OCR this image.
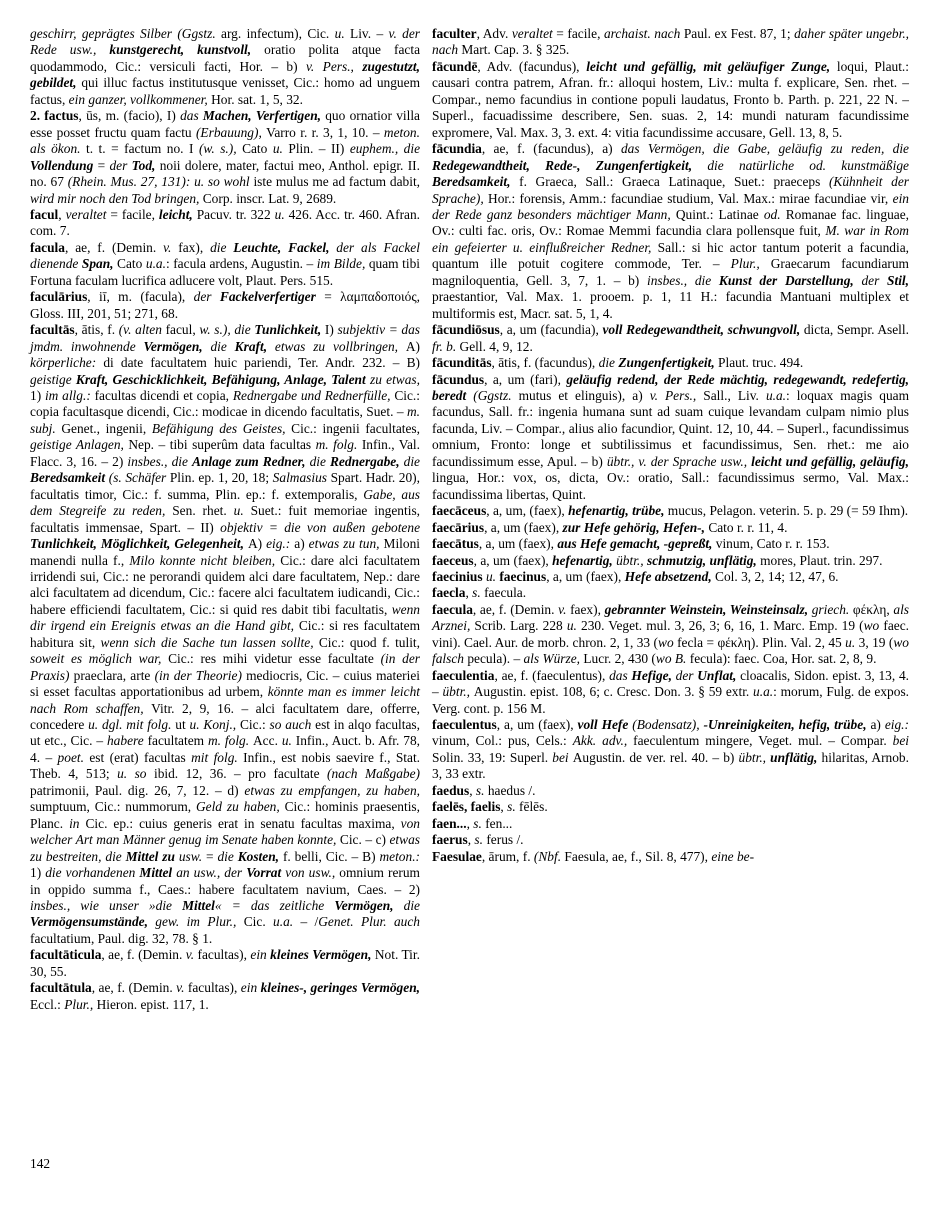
geschirr, geprägtes Silber (Ggstz. arg. infectum), Cic. u. Liv. – v. der Rede usw., kunstgerecht, kunstvoll, oratio polita atque facta quodammodo, Cic.: versiculi facti, Hor. – b) v. Pers., zugestutzt, gebildet, qui illuc factus institutusque venisset, Cic.: homo ad unguem factus, ein ganzer, vollkommener, Hor. sat. 1, 5, 32.

2. factus, ūs, m. (facio), I) das Machen, Verfertigen, quo ornatior villa esse posset fructu quam factu (Erbauung), Varro r. r. 3, 1, 10. – meton. als ökon. t. t. = factum no. I (w. s.), Cato u. Plin. – II) euphem., die Vollendung = der Tod, noii dolere, mater, factui meo, Anthol. epigr. II. no. 67 (Rhein. Mus. 27, 131): u. so wohl iste mulus me ad factum dabit, wird mir noch den Tod bringen, Corp. inscr. Lat. 9, 2689.

facul, veraltet = facile, leicht, Pacuv. tr. 322 u. 426. Acc. tr. 460. Afran. com. 7.

facula, ae, f. (Demin. v. fax), die Leuchte, Fackel, der als Fackel dienende Span, Cato u.a.: facula ardens, Augustin. – im Bilde, quam tibi Fortuna faculam lucrifica adlucere volt, Plaut. Pers. 515.

faculārius, iī, m. (facula), der Fackelverfertiger = λαμπαδοποιός, Gloss. III, 201, 51; 271, 68.

facultās, ātis, f. (v. alten facul, w. s.), die Tunlichkeit, I) subjektiv = das jmdm. inwohnende Vermögen, die Kraft, etwas zu vollbringen, A) körperliche: di date facultatem huic pariendi, Ter. Andr. 232. – B) geistige Kraft, Geschicklichkeit, Befähigung, Anlage, Talent zu etwas, 1) im allg.: facultas dicendi et copia, Rednergabe und Rednerfülle, Cic.: copia facultasque dicendi, Cic.: modicae in dicendo facultatis, Suet. – m. subj. Genet., ingenii, Befähigung des Geistes, Cic.: ingenii facultates, geistige Anlagen, Nep. – tibi superûm data facultas m. folg. Infin., Val. Flacc. 3, 16. – 2) insbes., die Anlage zum Redner, die Rednergabe, die Beredsamkeit (s. Schäfer Plin. ep. 1, 20, 18; Salmasius Spart. Hadr. 20), facultatis timor, Cic.: f. summa, Plin. ep.: f. extemporalis, Gabe, aus dem Stegreife zu reden, Sen. rhet. u. Suet.: fuit memoriae ingentis, facultatis immensae, Spart. – II) objektiv = die von außen gebotene Tunlichkeit, Möglichkeit, Gelegenheit, A) eig.: a) etwas zu tun, Miloni manendi nulla f., Milo konnte nicht bleiben, Cic.: dare alci facultatem irridendi sui, Cic.: ne perorandi quidem alci dare facultatem, Nep.: dare alci facultatem ad dicendum, Cic.: facere alci facultatem iudicandi, Cic.: habere efficiendi facultatem, Cic.: si quid res dabit tibi facultatis, wenn dir irgend ein Ereignis etwas an die Hand gibt, Cic.: si res facultatem habitura sit, wenn sich die Sache tun lassen sollte, Cic.: quod f. tulit, soweit es möglich war, Cic.: res mihi videtur esse facultate (in der Praxis) praeclara, arte (in der Theorie) mediocris, Cic. – cuius materiei si esset facultas apportationibus ad urbem, könnte man es immer leicht nach Rom schaffen, Vitr. 2, 9, 16. – alci facultatem dare, offerre, concedere u. dgl. mit folg. ut u. Konj., Cic.: so auch est in alqo facultas, ut etc., Cic. – habere facultatem m. folg. Acc. u. Infin., Auct. b. Afr. 78, 4. – poet. est (erat) facultas mit folg. Infin., est nobis saevire f., Stat. Theb. 4, 513; u. so ibid. 12, 36. – pro facultate (nach Maßgabe) patrimonii, Paul. dig. 26, 7, 12. – d) etwas zu empfangen, zu haben, sumptuum, Cic.: nummorum, Geld zu haben, Cic.: hominis praesentis, Planc. in Cic. ep.: cuius generis erat in senatu facultas maxima, von welcher Art man Männer genug im Senate haben konnte, Cic. – c) etwas zu bestreiten, die Mittel zu usw. = die Kosten, f. belli, Cic. – B) meton.: 1) die vorhandenen Mittel an usw., der Vorrat von usw., omnium rerum in oppido summa f., Caes.: habere facultatem navium, Caes. – 2) insbes., wie unser »die Mittel« = das zeitliche Vermögen, die Vermögensumstände, gew. im Plur., Cic. u.a. – /Genet. Plur. auch facultatium, Paul. dig. 32, 78. § 1.

facultāticula, ae, f. (Demin. v. facultas), ein kleines Vermögen, Not. Tir. 30, 55.

facultātula, ae, f. (Demin. v. facultas), ein kleines-, geringes Vermögen, Eccl.: Plur., Hieron. epist. 117, 1.

faculter, Adv. veraltet = facile, archaist. nach Paul. ex Fest. 87, 1; daher später ungebr., nach Mart. Cap. 3. § 325.

fācundē, Adv. (facundus), leicht und gefällig, mit geläufiger Zunge, loqui, Plaut.: causari contra patrem, Afran. fr.: alloqui hostem, Liv.: multa f. explicare, Sen. rhet. – Compar., nemo facundius in contione populi laudatus, Fronto b. Parth. p. 221, 22 N. – Superl., facuadissime describere, Sen. suas. 2, 14: mundi naturam facundissime expromere, Val. Max. 3, 3. ext. 4: vitia facundissime accusare, Gell. 13, 8, 5.

fācundia, ae, f. (facundus), a) das Vermögen, die Gabe, geläufig zu reden, die Redegewandtheit, Rede-, Zungenfertigkeit, die natürliche od. kunstmäßige Beredsamkeit, f. Graeca, Sall.: Graeca Latinaque, Suet.: praeceps (Kühnheit der Sprache), Hor.: forensis, Amm.: facundiae studium, Val. Max.: mirae facundiae vir, ein der Rede ganz besonders mächtiger Mann, Quint.: Latinae od. Romanae fac. linguae, Ov.: culti fac. oris, Ov.: Romae Memmi facundia clara pollensque fuit, M. war in Rom ein gefeierter u. einflußreicher Redner, Sall.: si hic actor tantum poterit a facundia, quantum ille potuit cogitere commode, Ter. – Plur., Graecarum facundiarum magniloquentia, Gell. 3, 7, 1. – b) insbes., die Kunst der Darstellung, der Stil, praestantior, Val. Max. 1. prooem. p. 1, 11 H.: facundia Mantuani multiplex et multiformis est, Macr. sat. 5, 1, 4.

fācundiōsus, a, um (facundia), voll Redegewandtheit, schwungvoll, dicta, Sempr. Asell. fr. b. Gell. 4, 9, 12.

fācunditās, ātis, f. (facundus), die Zungenfertigkeit, Plaut. truc. 494.

fācundus, a, um (fari), geläufig redend, der Rede mächtig, redegewandt, redefertig, beredt (Ggstz. mutus et elinguis), a) v. Pers., Sall., Liv. u.a.: loquax magis quam facundus, Sall. fr.: ingenia humana sunt ad suam cuique levandam culpam nimio plus facunda, Liv. – Compar., alius alio facundior, Quint. 12, 10, 44. – Superl., facundissimus omnium, Fronto: longe et subtilissimus et facundissimus, Sen. rhet.: me aio facundissimum esse, Apul. – b) übtr., v. der Sprache usw., leicht und gefällig, geläufig, lingua, Hor.: vox, os, dicta, Ov.: oratio, Sall.: facundissimus sermo, Val. Max.: facundissima libertas, Quint.

faecāceus, a, um, (faex), hefenartig, trübe, mucus, Pelagon. veterin. 5. p. 29 (= 59 Ihm).

faecārius, a, um (faex), zur Hefe gehörig, Hefen-, Cato r. r. 11, 4.

faecātus, a, um (faex), aus Hefe gemacht, -gepreßt, vinum, Cato r. r. 153.

faeceus, a, um (faex), hefenartig, übtr., schmutzig, unflätig, mores, Plaut. trin. 297.

faecinius u. faecinus, a, um (faex), Hefe absetzend, Col. 3, 2, 14; 12, 47, 6.

faecla, s. faecula.

faecula, ae, f. (Demin. v. faex), gebrannter Weinstein, Weinsteinsalz, griech. φέκλη, als Arznei, Scrib. Larg. 228 u. 230. Veget. mul. 3, 26, 3; 6, 16, 1. Marc. Emp. 19 (wo faec. vini). Cael. Aur. de morb. chron. 2, 1, 33 (wo fecla = φέκλη). Plin. Val. 2, 45 u. 3, 19 (wo falsch pecula). – als Würze, Lucr. 2, 430 (wo B. fecula): faec. Coa, Hor. sat. 2, 8, 9.

faeculentia, ae, f. (faeculentus), das Hefige, der Unflat, cloacalis, Sidon. epist. 3, 13, 4. – übtr., Augustin. epist. 108, 6; c. Cresc. Don. 3. § 59 extr. u.a.: morum, Fulg. de expos. Verg. cont. p. 156 M.

faeculentus, a, um (faex), voll Hefe (Bodensatz), -Unreinigkeiten, hefig, trübe, a) eig.: vinum, Col.: pus, Cels.: Akk. adv., faeculentum mingere, Veget. mul. – Compar. bei Solin. 33, 19: Superl. bei Augustin. de ver. rel. 40. – b) übtr., unflätig, hilaritas, Arnob. 3, 33 extr.

faedus, s. haedus /.

faelēs, faelis, s. fēlēs.

faen..., s. fen...

faerus, s. ferus /.

Faesulae, ārum, f. (Nbf. Faesula, ae, f., Sil. 8, 477), eine be-

142
